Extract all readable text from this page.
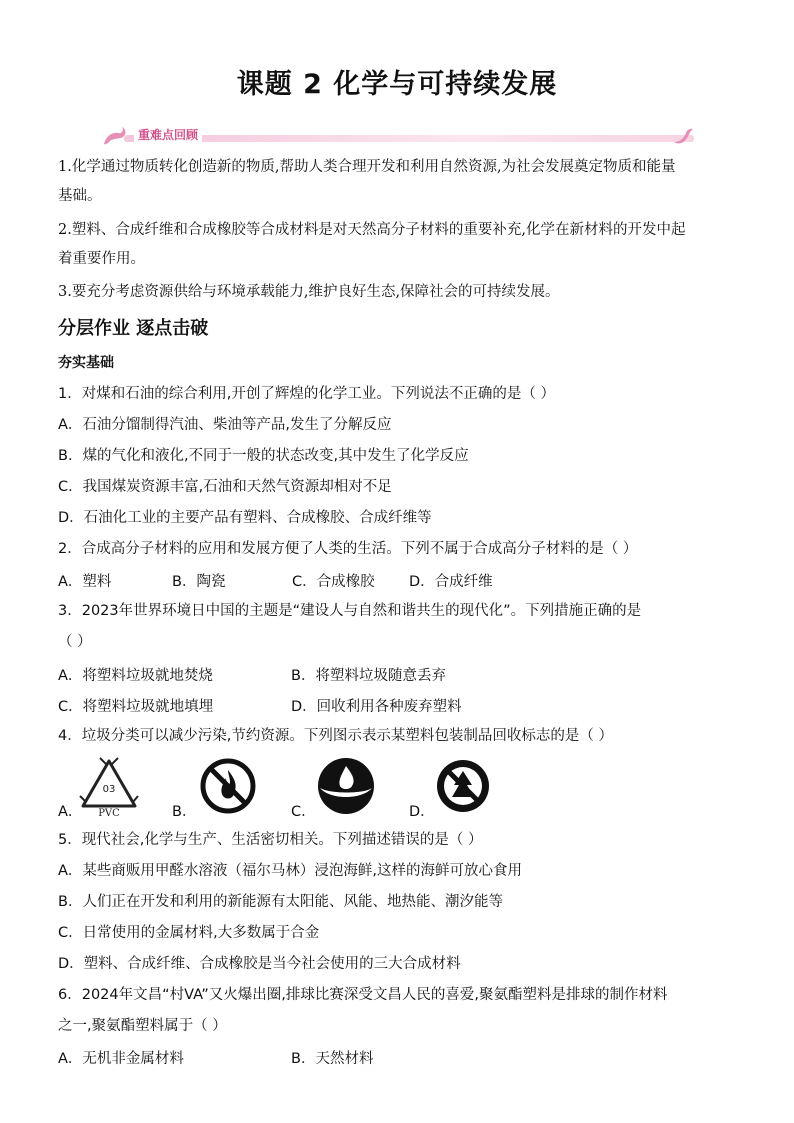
课题 2 化学与可持续发展
重难点回顾
1.化学通过物质转化创造新的物质,帮助人类合理开发和利用自然资源,为社会发展奠定物质和能量
基础。
2.塑料、合成纤维和合成橡胶等合成材料是对天然高分子材料的重要补充,化学在新材料的开发中起
着重要作用。
3.要充分考虑资源供给与环境承载能力,维护良好生态,保障社会的可持续发展。
分层作业 逐点击破
夯实基础
1．对煤和石油的综合利用,开创了辉煌的化学工业。下列说法不正确的是（ ）
A．石油分馏制得汽油、柴油等产品,发生了分解反应
B．煤的气化和液化,不同于一般的状态改变,其中发生了化学反应
C．我国煤炭资源丰富,石油和天然气资源却相对不足
D．石油化工业的主要产品有塑料、合成橡胶、合成纤维等
2．合成高分子材料的应用和发展方便了人类的生活。下列不属于合成高分子材料的是（ ）
A．塑料	B．陶瓷	C．合成橡胶 D．合成纤维
3．2023年世界环境日中国的主题是“建设人与自然和谐共生的现代化”。下列措施正确的是
（ ）
A．将塑料垃圾就地焚烧	B．将塑料垃圾随意丢弃
C．将塑料垃圾就地填埋	D．回收利用各种废弃塑料
4．垃圾分类可以减少污染,节约资源。下列图示表示某塑料包装制品回收标志的是（ ）
A．
03
PVC	B．	C．	D．
5．现代社会,化学与生产、生活密切相关。下列描述错误的是（ ）
A．某些商贩用甲醛水溶液（福尔马林）浸泡海鲜,这样的海鲜可放心食用
B．人们正在开发和利用的新能源有太阳能、风能、地热能、潮汐能等
C．日常使用的金属材料,大多数属于合金
D．塑料、合成纤维、合成橡胶是当今社会使用的三大合成材料
6．2024年文昌“村VA”又火爆出圈,排球比赛深受文昌人民的喜爱,聚氨酯塑料是排球的制作材料
之一,聚氨酯塑料属于（ ）
A．无机非金属材料	B．天然材料
